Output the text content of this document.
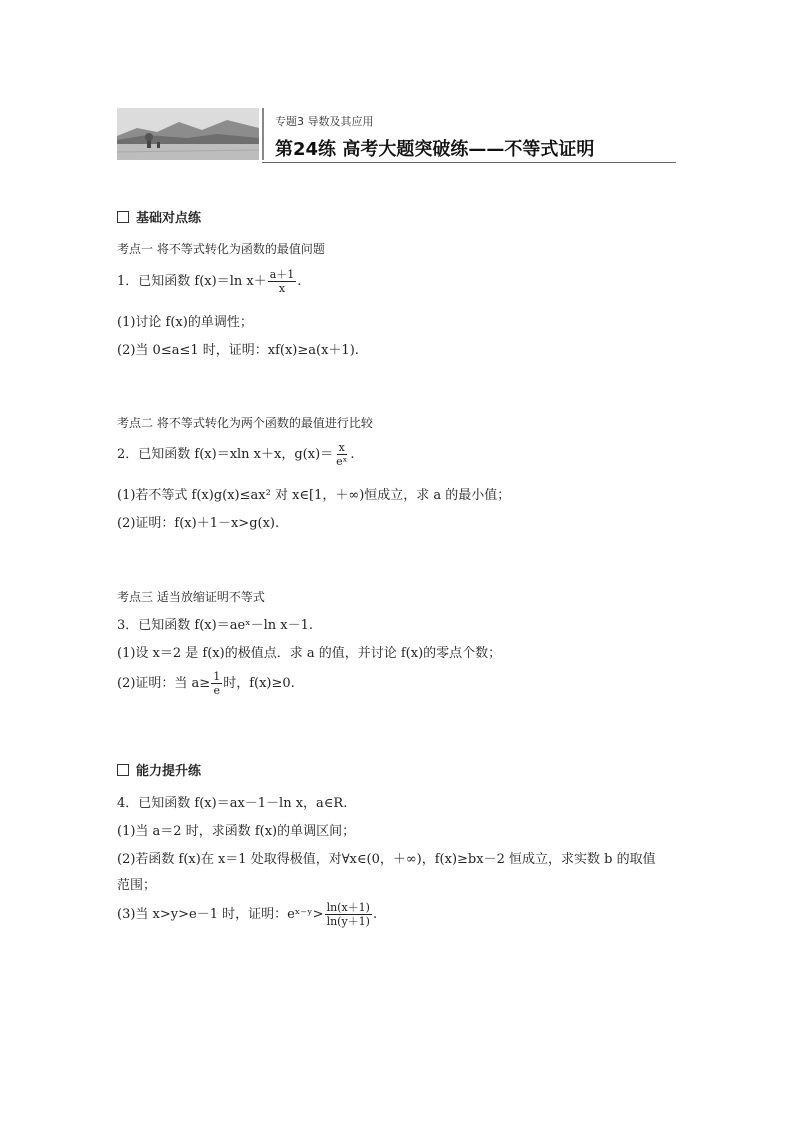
专题3 导数及其应用
第24练 高考大题突破练——不等式证明
基础对点练
考点一 将不等式转化为函数的最值问题
1．已知函数 f(x)＝ln $x+ \frac{a+1}{x}$ .
(1)讨论 f(x)的单调性；
(2)当 0≤a≤1 时，证明：xf(x)≥a(x＋1).
考点二 将不等式转化为两个函数的最值进行比较
2．已知函数 f(x)＝xln x＋x，$g(x)= \frac{x}{\text{eˣ}}$ .
(1)若不等式 f(x)g(x)≤ax² 对 x∈[1，＋∞)恒成立，求 a 的最小值；
(2)证明：f(x)＋1－x>g(x).
考点三 适当放缩证明不等式
3．已知函数 f(x)＝aeˣ－ln x－1.
(1)设 x＝2 是 f(x)的极值点．求 a 的值，并讨论 f(x)的零点个数；
(2)证明：当 $a\ge \frac{1}{e}$ 时，f(x)≥0.
能力提升练
4．已知函数 f(x)＝ax－1－ln x，a∈R.
(1)当 a＝2 时，求函数 f(x)的单调区间；
(2)若函数 f(x)在 x＝1 处取得极值，对∀x∈(0，＋∞)，f(x)≥bx－2 恒成立，求实数 b 的取值
范围；
(3)当 x>y>e－1 时，证明：eˣ⁻ʸ> $\frac{\ln(x+1)}{\ln(y+1)}$ .
